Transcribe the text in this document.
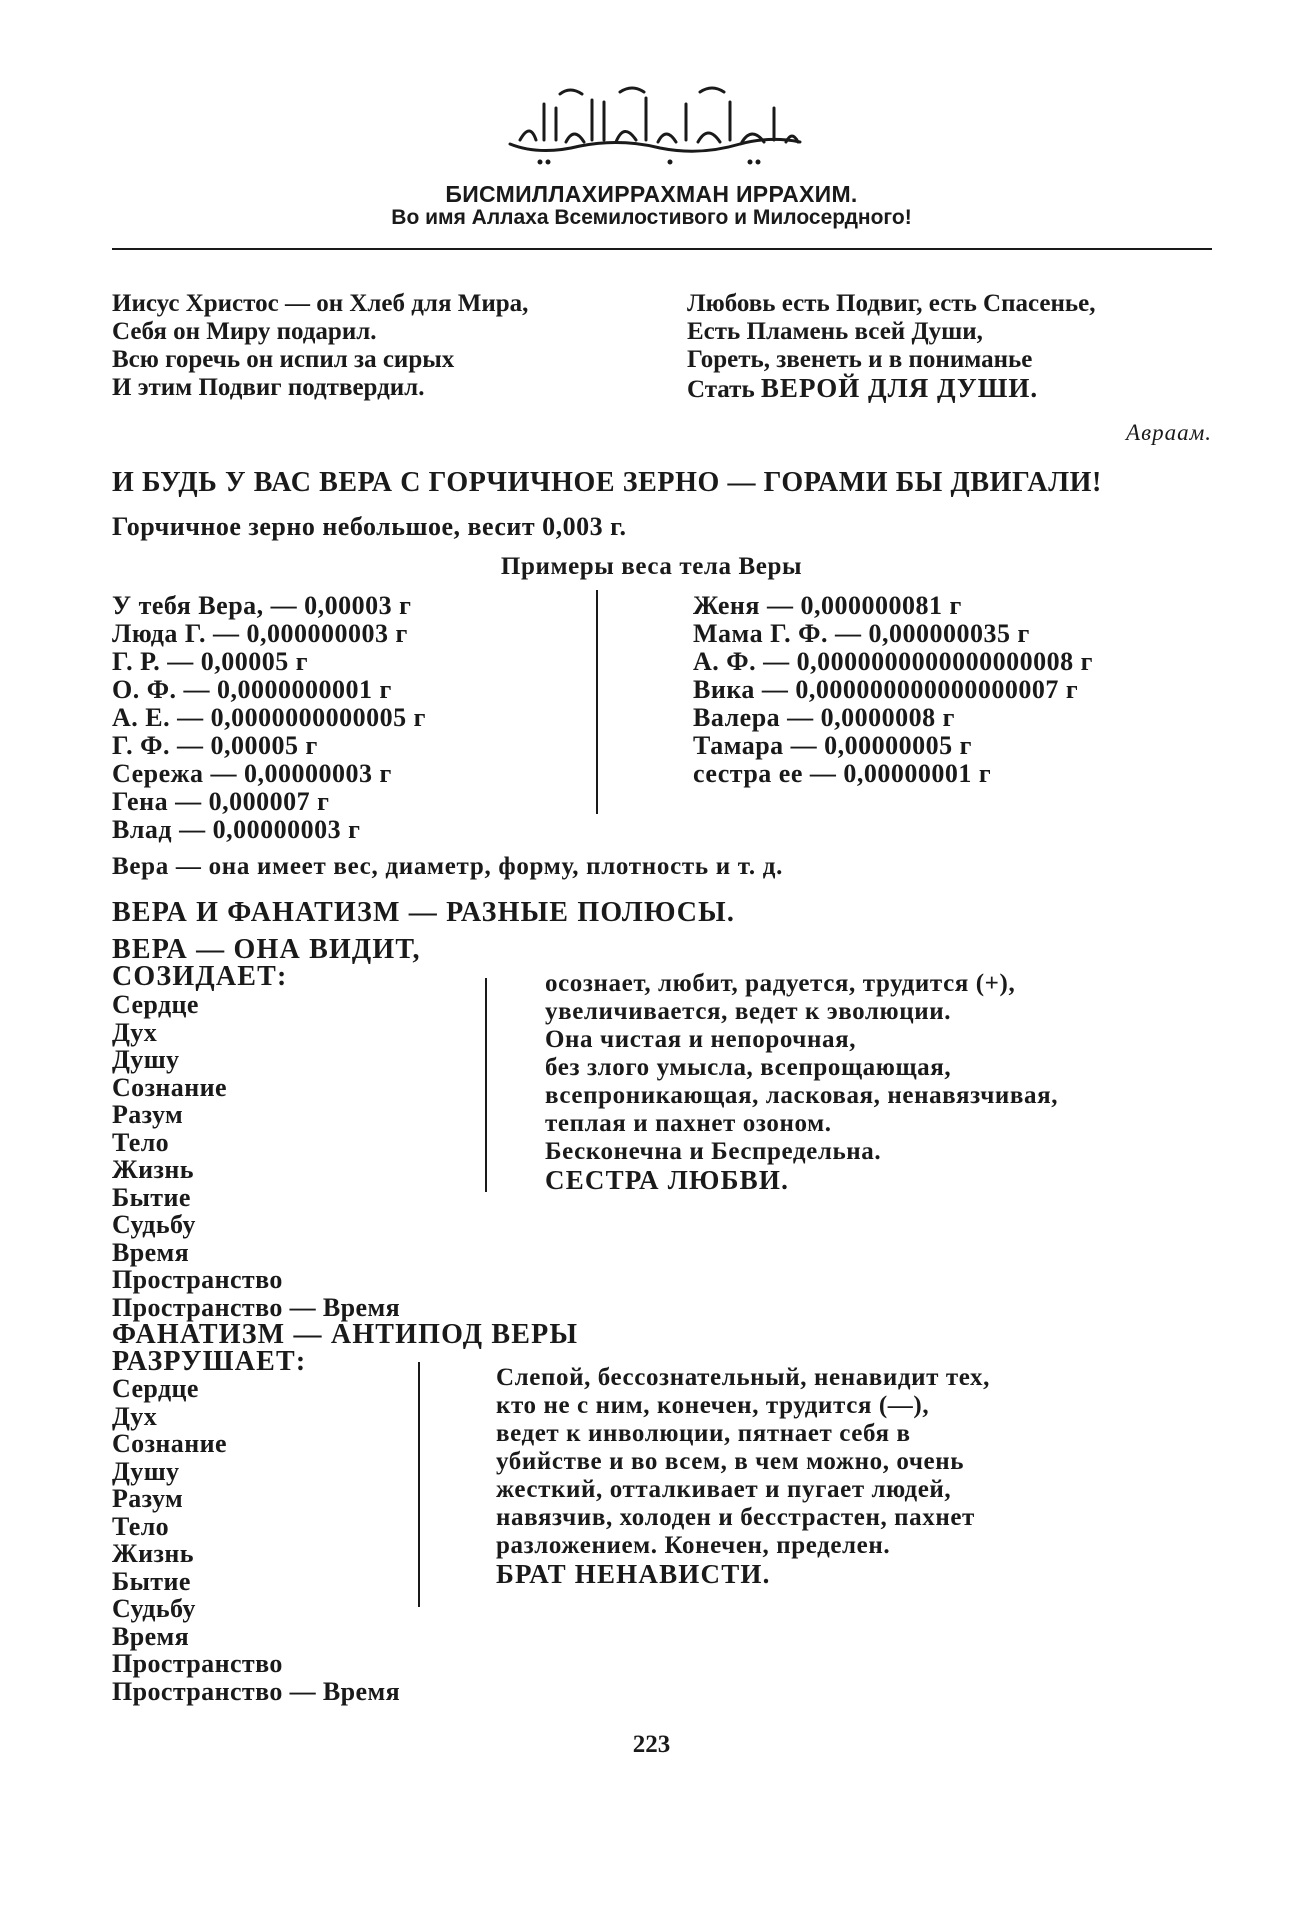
БИСМИЛЛАХИРРАХМАН ИРРАХИМ.
Во имя Аллаха Всемилостивого и Милосердного!
Иисус Христос — он Хлеб для Мира,
Себя он Миру подарил.
Всю горечь он испил за сирых
И этим Подвиг подтвердил.
Любовь есть Подвиг, есть Спасенье,
Есть Пламень всей Души,
Гореть, звенеть и в пониманье
Стать ВЕРОЙ ДЛЯ ДУШИ.
Авраам.
И БУДЬ У ВАС ВЕРА С ГОРЧИЧНОЕ ЗЕРНО — ГОРАМИ БЫ ДВИГАЛИ!
Горчичное зерно небольшое, весит 0,003 г.
Примеры веса тела Веры
У тебя Вера, — 0,00003 г
Люда Г. — 0,000000003 г
Г. Р. — 0,00005 г
О. Ф. — 0,0000000001 г
А. Е. — 0,0000000000005 г
Г. Ф. — 0,00005 г
Сережа — 0,00000003 г
Гена — 0,000007 г
Влад — 0,00000003 г
Женя — 0,000000081 г
Мама Г. Ф. — 0,000000035 г
А. Ф. — 0,0000000000000000008 г
Вика — 0,000000000000000007 г
Валера — 0,0000008 г
Тамара — 0,00000005 г
сестра ее — 0,00000001 г
Вера — она имеет вес, диаметр, форму, плотность и т. д.
ВЕРА И ФАНАТИЗМ — РАЗНЫЕ ПОЛЮСЫ.
ВЕРА — ОНА ВИДИТ,
СОЗИДАЕТ:
Сердце
Дух
Душу
Сознание
Разум
Тело
Жизнь
Бытие
Судьбу
Время
Пространство
Пространство — Время
осознает, любит, радуется, трудится (+),
увеличивается, ведет к эволюции.
Она чистая и непорочная,
без злого умысла, всепрощающая,
всепроникающая, ласковая, ненавязчивая,
теплая и пахнет озоном.
Бесконечна и Беспредельна.
СЕСТРА ЛЮБВИ.
ФАНАТИЗМ — АНТИПОД ВЕРЫ
РАЗРУШАЕТ:
Сердце
Дух
Сознание
Душу
Разум
Тело
Жизнь
Бытие
Судьбу
Время
Пространство
Пространство — Время
Слепой, бессознательный, ненавидит тех,
кто не с ним, конечен, трудится (—),
ведет к инволюции, пятнает себя в
убийстве и во всем, в чем можно, очень
жесткий, отталкивает и пугает людей,
навязчив, холоден и бесстрастен, пахнет
разложением. Конечен, пределен.
БРАТ НЕНАВИСТИ.
223
